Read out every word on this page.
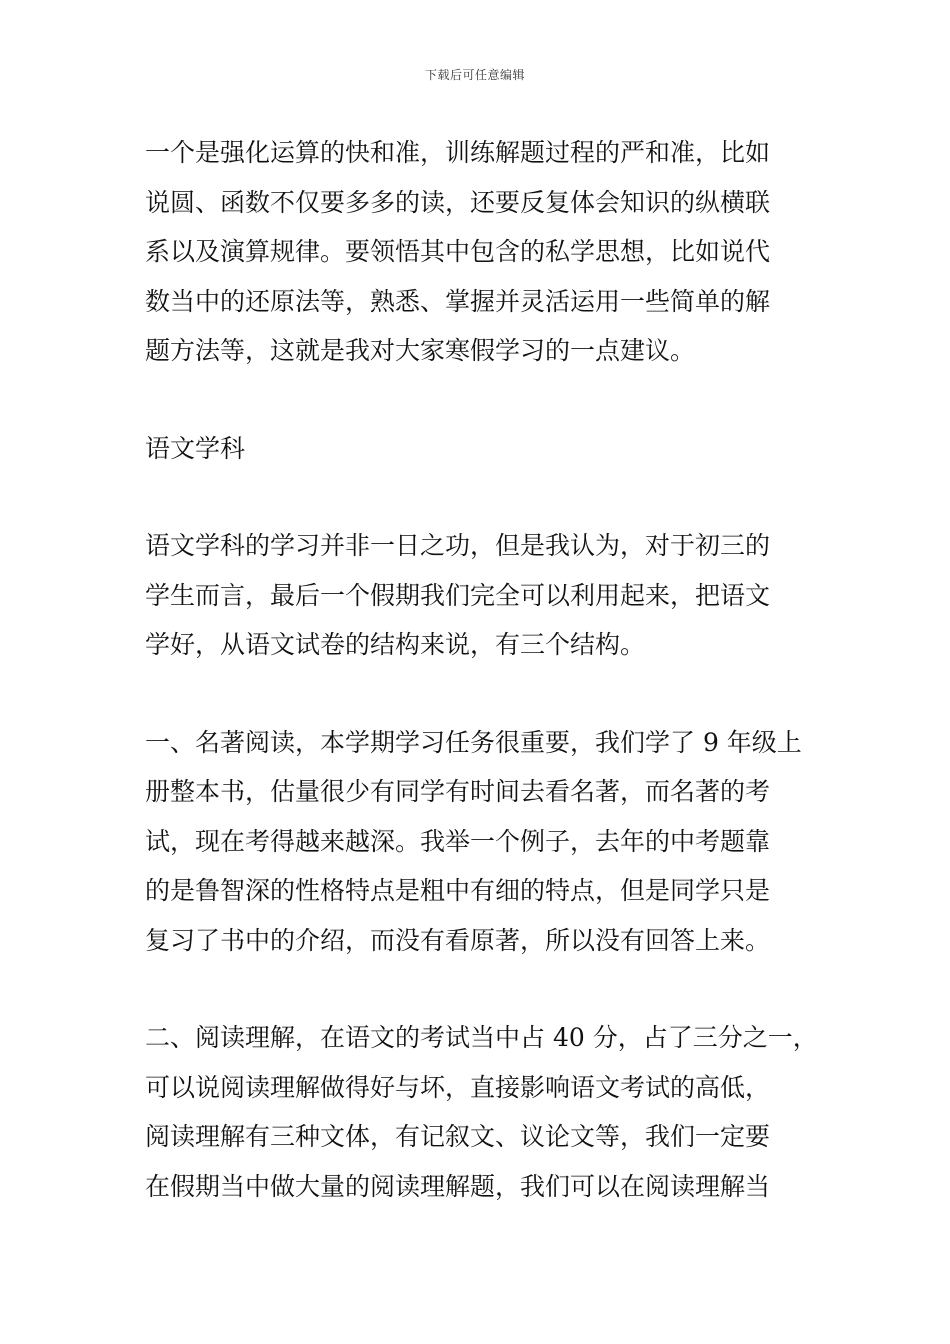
下载后可任意编辑

一个是强化运算的快和准，训练解题过程的严和准，比如
说圆、函数不仅要多多的读，还要反复体会知识的纵横联
系以及演算规律。要领悟其中包含的私学思想，比如说代
数当中的还原法等，熟悉、掌握并灵活运用一些简单的解
题方法等，这就是我对大家寒假学习的一点建议。

语文学科

语文学科的学习并非一日之功，但是我认为，对于初三的
学生而言，最后一个假期我们完全可以利用起来，把语文
学好，从语文试卷的结构来说，有三个结构。

一、名著阅读，本学期学习任务很重要，我们学了 9 年级上
册整本书，估量很少有同学有时间去看名著，而名著的考
试，现在考得越来越深。我举一个例子，去年的中考题靠
的是鲁智深的性格特点是粗中有细的特点，但是同学只是
复习了书中的介绍，而没有看原著，所以没有回答上来。

二、阅读理解，在语文的考试当中占 40 分，占了三分之一，
可以说阅读理解做得好与坏，直接影响语文考试的高低，
阅读理解有三种文体，有记叙文、议论文等，我们一定要
在假期当中做大量的阅读理解题，我们可以在阅读理解当
